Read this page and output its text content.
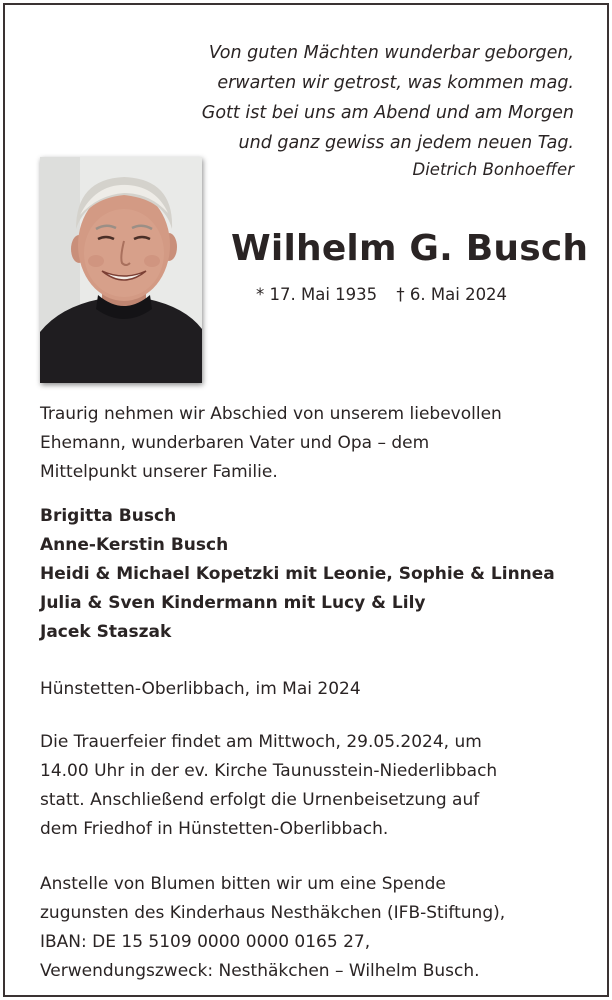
Von guten Mächten wunderbar geborgen,
erwarten wir getrost, was kommen mag.
Gott ist bei uns am Abend und am Morgen
und ganz gewiss an jedem neuen Tag.
Dietrich Bonhoeffer
Wilhelm G. Busch
* 17. Mai 1935 † 6. Mai 2024
Traurig nehmen wir Abschied von unserem liebevollen
Ehemann, wunderbaren Vater und Opa – dem
Mittelpunkt unserer Familie.
Brigitta Busch
Anne-Kerstin Busch
Heidi & Michael Kopetzki mit Leonie, Sophie & Linnea
Julia & Sven Kindermann mit Lucy & Lily
Jacek Staszak
Hünstetten-Oberlibbach, im Mai 2024
Die Trauerfeier findet am Mittwoch, 29.05.2024, um
14.00 Uhr in der ev. Kirche Taunusstein-Niederlibbach
statt. Anschließend erfolgt die Urnenbeisetzung auf
dem Friedhof in Hünstetten-Oberlibbach.
Anstelle von Blumen bitten wir um eine Spende
zugunsten des Kinderhaus Nesthäkchen (IFB-Stiftung),
IBAN: DE 15 5109 0000 0000 0165 27,
Verwendungszweck: Nesthäkchen – Wilhelm Busch.
